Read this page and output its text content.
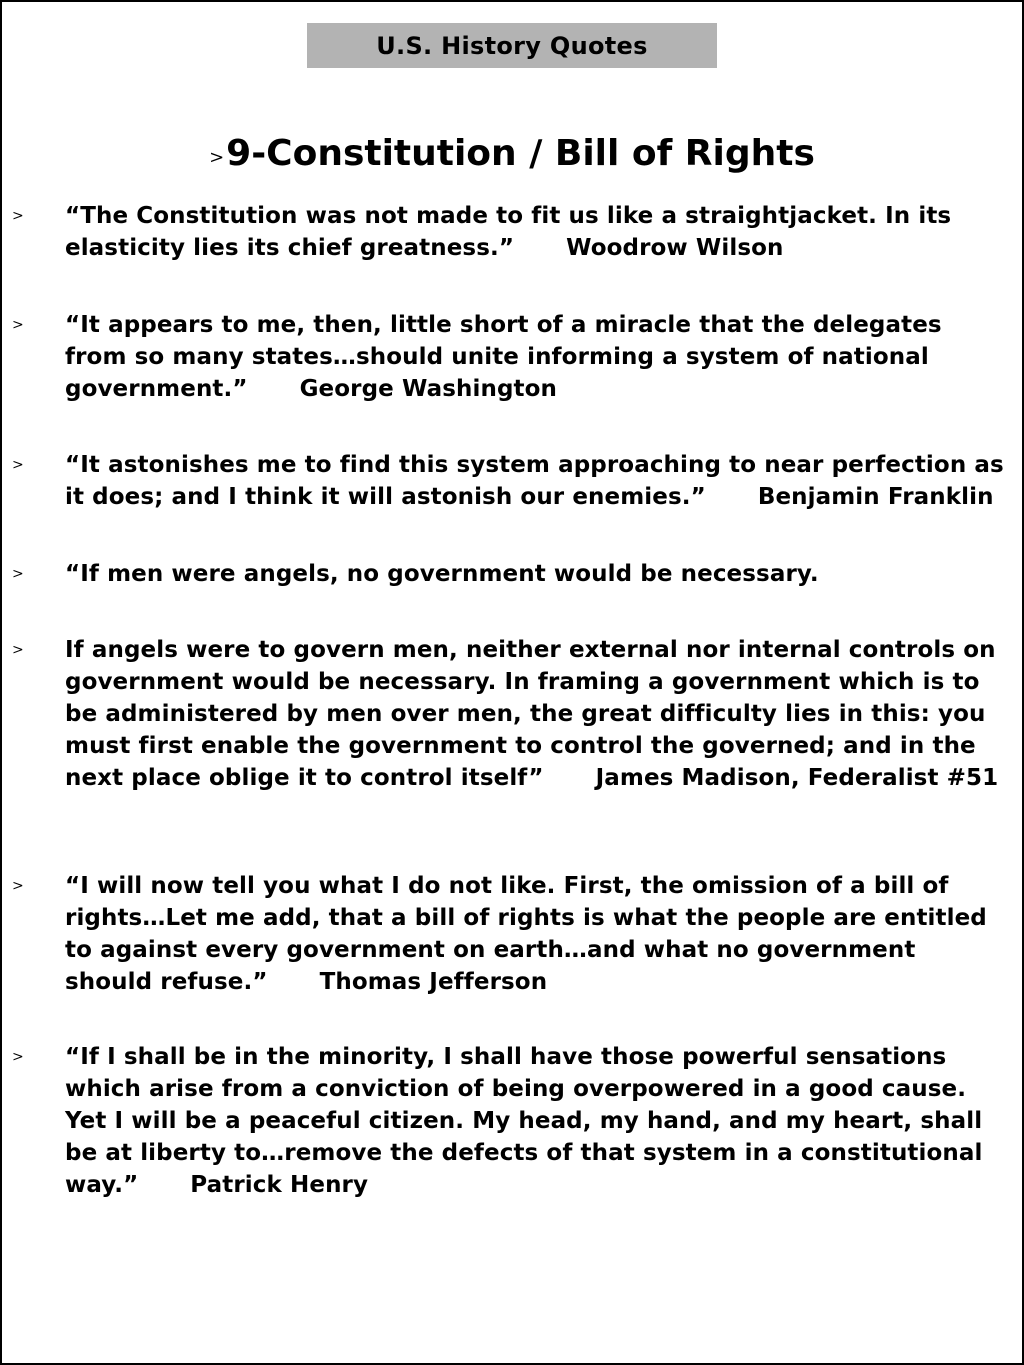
U.S. History Quotes
>9-Constitution / Bill of Rights
> “The Constitution was not made to fit us like a straightjacket. In its elasticity lies its chief greatness.” Woodrow Wilson
> “It appears to me, then, little short of a miracle that the delegates from so many states…should unite informing a system of national government.” George Washington
> “It astonishes me to find this system approaching to near perfection as it does; and I think it will astonish our enemies.” Benjamin Franklin
> “If men were angels, no government would be necessary.
> If angels were to govern men, neither external nor internal controls on government would be necessary. In framing a government which is to be administered by men over men, the great difficulty lies in this: you must first enable the government to control the governed; and in the next place oblige it to control itself” James Madison, Federalist #51
> “I will now tell you what I do not like. First, the omission of a bill of rights…Let me add, that a bill of rights is what the people are entitled to against every government on earth…and what no government should refuse.” Thomas Jefferson
> “If I shall be in the minority, I shall have those powerful sensations which arise from a conviction of being overpowered in a good cause. Yet I will be a peaceful citizen. My head, my hand, and my heart, shall be at liberty to…remove the defects of that system in a constitutional way.” Patrick Henry
